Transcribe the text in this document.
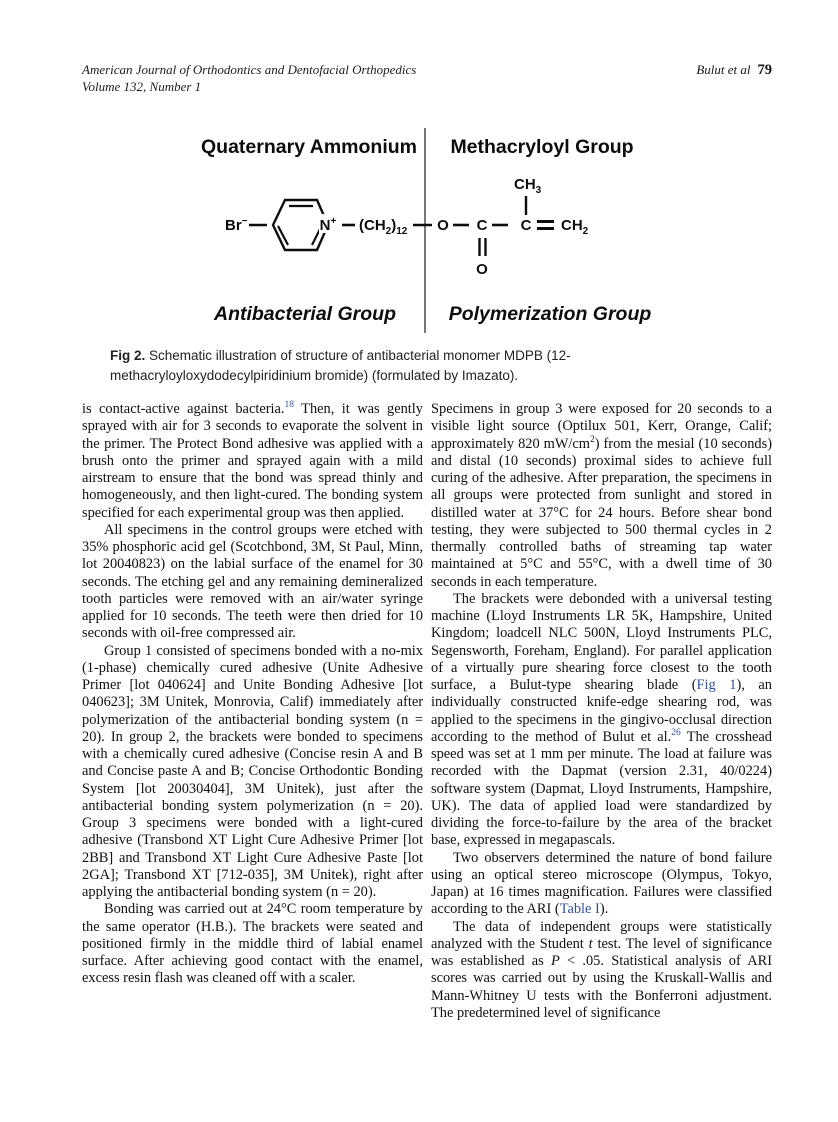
American Journal of Orthodontics and Dentofacial Orthopedics
Volume 132, Number 1
Bulut et al 79
Quaternary Ammonium Methacryloyl Group
Antibacterial Group	Polymerization Group
Br−	N+ $(CH_2)_{12}$ O C
O
C
$CH_3$
$CH_2$
Fig 2. Schematic illustration of structure of antibacterial monomer MDPB (12-methacryloyloxydodecylpiridinium bromide) (formulated by Imazato).

is contact-active against bacteria.$^{18}$ Then, it was gently sprayed with air for 3 seconds to evaporate the solvent in the primer. The Protect Bond adhesive was applied with a brush onto the primer and sprayed again with a mild airstream to ensure that the bond was spread thinly and homogeneously, and then light-cured. The bonding system specified for each experimental group was then applied.

All specimens in the control groups were etched with 35% phosphoric acid gel (Scotchbond, 3M, St Paul, Minn, lot 20040823) on the labial surface of the enamel for 30 seconds. The etching gel and any remaining demineralized tooth particles were removed with an air/water syringe applied for 10 seconds. The teeth were then dried for 10 seconds with oil-free compressed air.

Group 1 consisted of specimens bonded with a no-mix (1-phase) chemically cured adhesive (Unite Adhesive Primer [lot 040624] and Unite Bonding Adhesive [lot 040623]; 3M Unitek, Monrovia, Calif) immediately after polymerization of the antibacterial bonding system (n = 20). In group 2, the brackets were bonded to specimens with a chemically cured adhesive (Concise resin A and B and Concise paste A and B; Concise Orthodontic Bonding System [lot 20030404], 3M Unitek), just after the antibacterial bonding system polymerization (n = 20). Group 3 specimens were bonded with a light-cured adhesive (Transbond XT Light Cure Adhesive Primer [lot 2BB] and Transbond XT Light Cure Adhesive Paste [lot 2GA]; Transbond XT [712-035], 3M Unitek), right after applying the antibacterial bonding system (n = 20).

Bonding was carried out at 24°C room temperature by the same operator (H.B.). The brackets were seated and positioned firmly in the middle third of labial enamel surface. After achieving good contact with the enamel, excess resin flash was cleaned off with a scaler.

Specimens in group 3 were exposed for 20 seconds to a visible light source (Optilux 501, Kerr, Orange, Calif; approximately 820 $mW/cm^2$) from the mesial (10 seconds) and distal (10 seconds) proximal sides to achieve full curing of the adhesive. After preparation, the specimens in all groups were protected from sunlight and stored in distilled water at 37°C for 24 hours. Before shear bond testing, they were subjected to 500 thermal cycles in 2 thermally controlled baths of streaming tap water maintained at 5°C and 55°C, with a dwell time of 30 seconds in each temperature.

The brackets were debonded with a universal testing machine (Lloyd Instruments LR 5K, Hampshire, United Kingdom; loadcell NLC 500N, Lloyd Instruments PLC, Segensworth, Foreham, England). For parallel application of a virtually pure shearing force closest to the tooth surface, a Bulut-type shearing blade (Fig 1), an individually constructed knife-edge shearing rod, was applied to the specimens in the gingivo-occlusal direction according to the method of Bulut et al.$^{26}$ The crosshead speed was set at 1 mm per minute. The load at failure was recorded with the Dapmat (version 2.31, 40/0224) software system (Dapmat, Lloyd Instruments, Hampshire, UK). The data of applied load were standardized by dividing the force-to-failure by the area of the bracket base, expressed in megapascals.

Two observers determined the nature of bond failure using an optical stereo microscope (Olympus, Tokyo, Japan) at 16 times magnification. Failures were classified according to the ARI (Table I).

The data of independent groups were statistically analyzed with the Student t test. The level of significance was established as P < .05. Statistical analysis of ARI scores was carried out by using the Kruskall-Wallis and Mann-Whitney U tests with the Bonferroni adjustment. The predetermined level of significance
